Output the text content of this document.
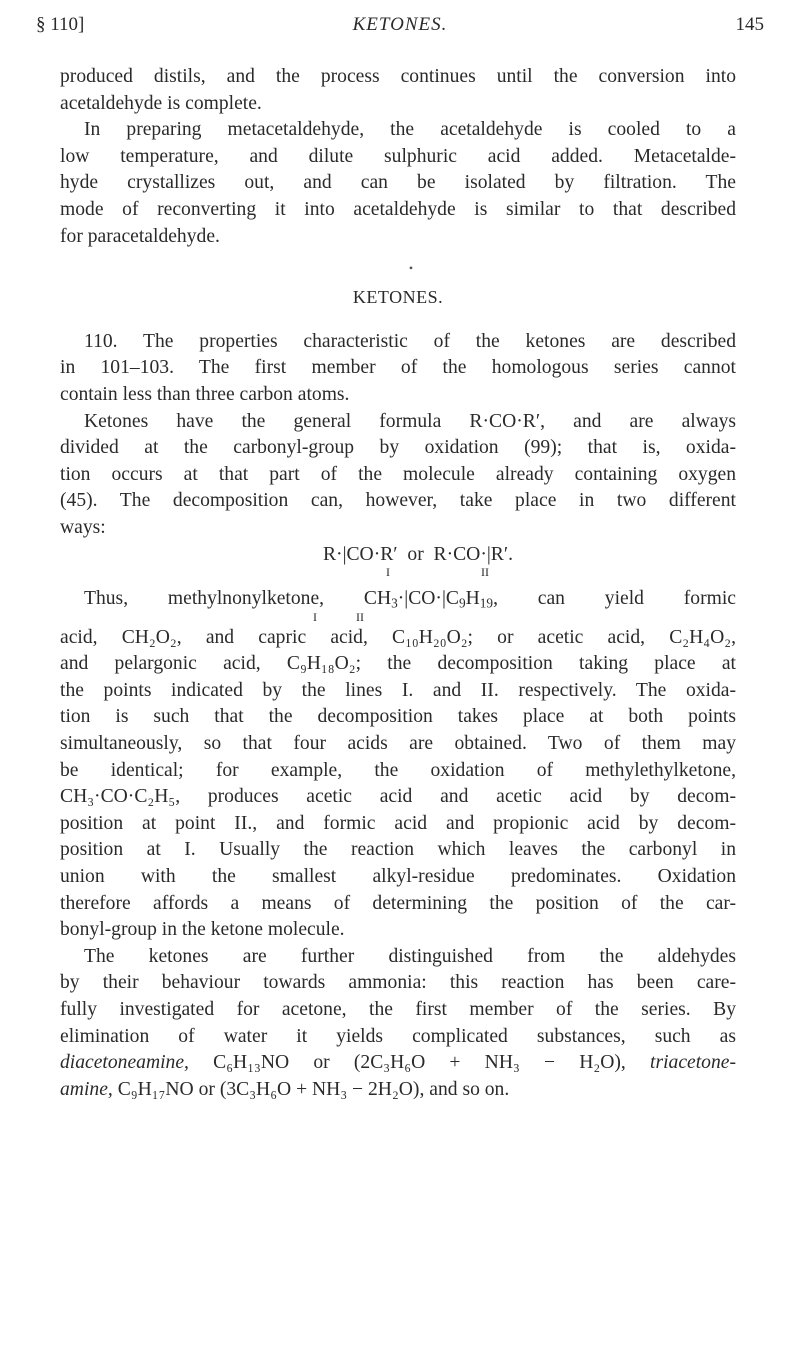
§ 110]	KETONES.	145
produced distils, and the process continues until the conversion into
acetaldehyde is complete.
In preparing metacetaldehyde, the acetaldehyde is cooled to a
low temperature, and dilute sulphuric acid added. Metacetalde-
hyde crystallizes out, and can be isolated by filtration. The
mode of reconverting it into acetaldehyde is similar to that described
for paracetaldehyde.
•
KETONES.
110. The properties characteristic of the ketones are described
in 101–103. The first member of the homologous series cannot
contain less than three carbon atoms.
Ketones have the general formula R·CO·R′, and are always
divided at the carbonyl-group by oxidation (99); that is, oxida-
tion occurs at that part of the molecule already containing oxygen
(45). The decomposition can, however, take place in two different
ways:
R·|CO·R′ or R·CO·|R′.
I	II
Thus, methylnonylketone, $CH_3\cdot|CO\cdot|C_9H_{19}$, can yield formic
I	II
acid, CH₂O₂, and capric acid, C₁₀H₂₀O₂; or acetic acid, C₂H₄O₂,
and pelargonic acid, C₉H₁₈O₂; the decomposition taking place at
the points indicated by the lines I. and II. respectively. The oxida-
tion is such that the decomposition takes place at both points
simultaneously, so that four acids are obtained. Two of them may
be identical; for example, the oxidation of methylethylketone,
CH₃·CO·C₂H₅, produces acetic acid and acetic acid by decom-
position at point II., and formic acid and propionic acid by decom-
position at I. Usually the reaction which leaves the carbonyl in
union with the smallest alkyl-residue predominates. Oxidation
therefore affords a means of determining the position of the car-
bonyl-group in the ketone molecule.
The ketones are further distinguished from the aldehydes
by their behaviour towards ammonia: this reaction has been care-
fully investigated for acetone, the first member of the series. By
elimination of water it yields complicated substances, such as
diacetoneamine, C₆H₁₃NO or (2C₃H₆O + NH₃ − H₂O), triacetone-
amine, C₉H₁₇NO or (3C₃H₆O + NH₃ − 2H₂O), and so on.
